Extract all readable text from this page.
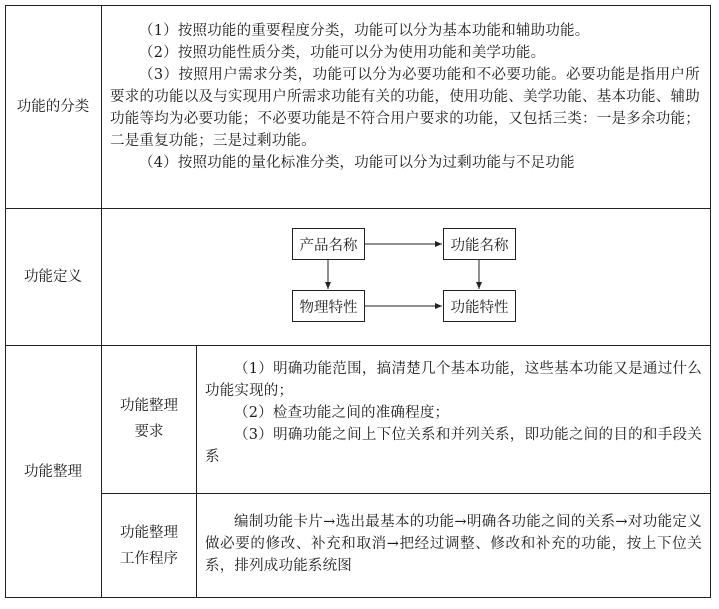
功能的分类

（1）按照功能的重要程度分类，功能可以分为基本功能和辅助功能。

（2）按照功能性质分类，功能可以分为使用功能和美学功能。

（3）按照用户需求分类，功能可以分为必要功能和不必要功能。必要功能是指用户所要求的功能以及与实现用户所需求功能有关的功能，使用功能、美学功能、基本功能、辅助功能等均为必要功能；不必要功能是不符合用户要求的功能，又包括三类：一是多余功能；二是重复功能；三是过剩功能。

（4）按照功能的量化标准分类，功能可以分为过剩功能与不足功能

功能定义
产品名称	功能名称
物理特性	功能特性
功能整理
功能整理要求

（1）明确功能范围，搞清楚几个基本功能，这些基本功能又是通过什么功能实现的；

（2）检查功能之间的准确程度；

（3）明确功能之间上下位关系和并列关系，即功能之间的目的和手段关系

功能整理工作程序

编制功能卡片→选出最基本的功能→明确各功能之间的关系→对功能定义做必要的修改、补充和取消→把经过调整、修改和补充的功能，按上下位关系，排列成功能系统图
